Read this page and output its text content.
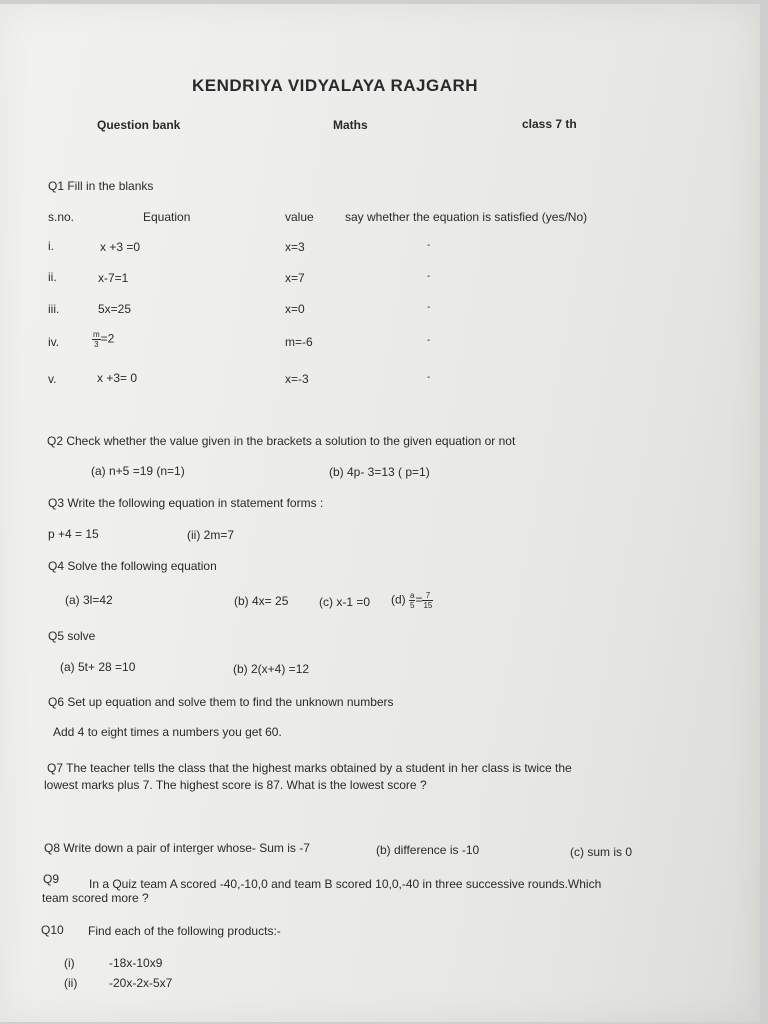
KENDRIYA VIDYALAYA RAJGARH
Question bank	Maths	class 7 th
Q1 Fill in the blanks
s.no.	Equation	value	say whether the equation is satisfied (yes/No)
i.	x +3 =0	x=3	-
ii.	x-7=1	x=7	-
iii.	5x=25	x=0	-
iv.	$\frac{m}{3} =2$	m=-6	-
v.	x +3= 0	x=-3	-
Q2 Check whether the value given in the brackets a solution to the given equation or not
(a) n+5 =19 (n=1)	(b) 4p- 3=13 ( p=1)
Q3 Write the following equation in statement forms :
p +4 = 15	(ii) 2m=7
Q4 Solve the following equation
(a) 3l=42	(b) 4x= 25	(c) x-1 =0 $(d) \frac{a}{5} = \frac{7}{15}$
Q5 solve
(a) 5t+ 28 =10	(b) 2(x+4) =12
Q6 Set up equation and solve them to find the unknown numbers
Add 4 to eight times a numbers you get 60.
Q7 The teacher tells the class that the highest marks obtained by a student in her class is twice the
lowest marks plus 7. The highest score is 87. What is the lowest score ?
Q8 Write down a pair of interger whose- Sum is -7	(b) difference is -10	(c) sum is 0
Q9 In a Quiz team A scored -40,-10,0 and team B scored 10,0,-40 in three successive rounds.Which
team scored more ?
Q10 Find each of the following products:-
(i)	-18x-10x9
(ii)	-20x-2x-5x7
